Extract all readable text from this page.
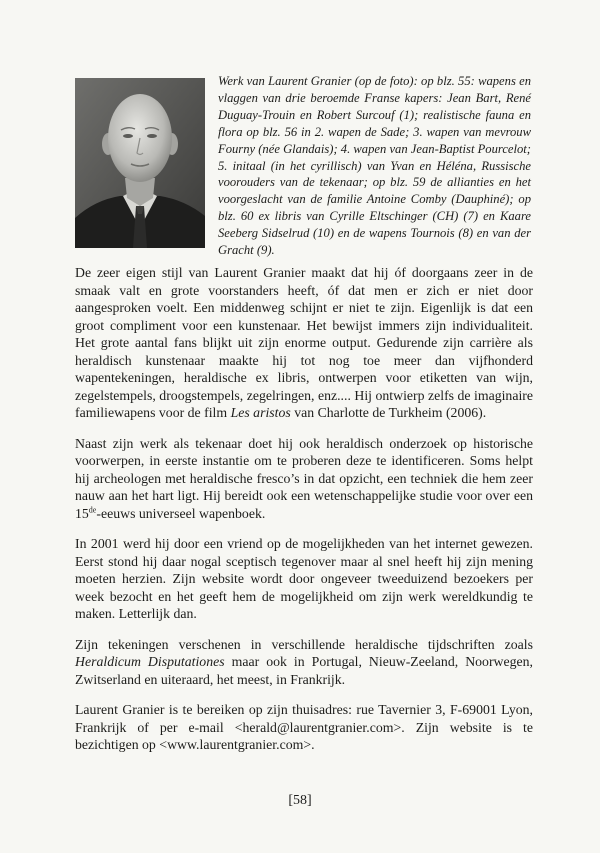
Werk van Laurent Granier (op de foto): op blz. 55: wapens en vlaggen van drie beroemde Franse kapers: Jean Bart, René Duguay-Trouin en Robert Surcouf (1); realistische fauna en flora op blz. 56 in 2. wapen de Sade; 3. wapen van mevrouw Fourny (née Glandais); 4. wapen van Jean-Baptist Pourcelot; 5. initaal (in het cyrillisch) van Yvan en Héléna, Russische voorouders van de tekenaar; op blz. 59 de allianties en het voorgeslacht van de familie Antoine Comby (Dauphiné); op blz. 60 ex libris van Cyrille Eltschinger (CH) (7) en Kaare Seeberg Sidselrud (10) en de wapens Tournois (8) en van der Gracht (9).

De zeer eigen stijl van Laurent Granier maakt dat hij óf doorgaans zeer in de smaak valt en grote voorstanders heeft, óf dat men er zich er niet door aangesproken voelt. Een middenweg schijnt er niet te zijn. Eigenlijk is dat een groot compliment voor een kunstenaar. Het bewijst immers zijn individualiteit. Het grote aantal fans blijkt uit zijn enorme output. Gedurende zijn carrière als heraldisch kunstenaar maakte hij tot nog toe meer dan vijfhonderd wapentekeningen, heraldische ex libris, ontwerpen voor etiketten van wijn, zegelstempels, droogstempels, zegelringen, enz.... Hij ontwierp zelfs de imaginaire familiewapens voor de film Les aristos van Charlotte de Turkheim (2006).

Naast zijn werk als tekenaar doet hij ook heraldisch onderzoek op historische voorwerpen, in eerste instantie om te proberen deze te identificeren. Soms helpt hij archeologen met heraldische fresco’s in dat opzicht, een techniek die hem zeer nauw aan het hart ligt. Hij bereidt ook een wetenschappelijke studie voor over een 15de-eeuws universeel wapenboek.

In 2001 werd hij door een vriend op de mogelijkheden van het internet gewezen. Eerst stond hij daar nogal sceptisch tegenover maar al snel heeft hij zijn mening moeten herzien. Zijn website wordt door ongeveer tweeduizend bezoekers per week bezocht en het geeft hem de mogelijkheid om zijn werk wereldkundig te maken. Letterlijk dan.

Zijn tekeningen verschenen in verschillende heraldische tijdschriften zoals Heraldicum Disputationes maar ook in Portugal, Nieuw-Zeeland, Noorwegen, Zwitserland en uiteraard, het meest, in Frankrijk.

Laurent Granier is te bereiken op zijn thuisadres: rue Tavernier 3, F-69001 Lyon, Frankrijk of per e-mail <herald@laurentgranier.com>. Zijn website is te bezichtigen op <www.laurentgranier.com>.

[58]
